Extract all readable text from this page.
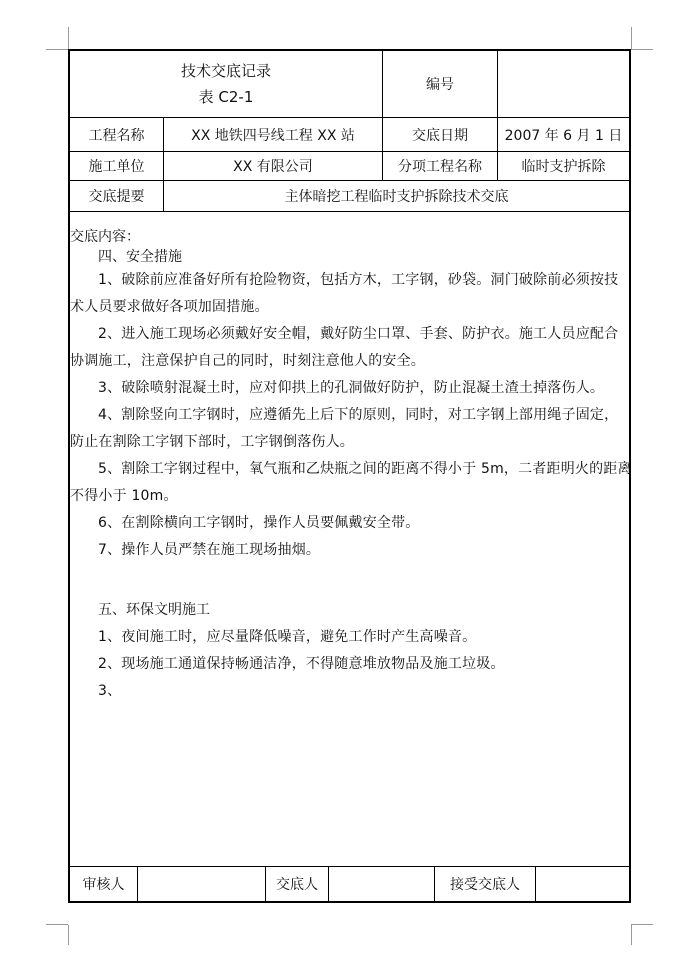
技术交底记录
表 C2-1
编号
工程名称	XX 地铁四号线工程 XX 站	交底日期	2007 年 6 月 1 日
施工单位	XX 有限公司	分项工程名称	临时支护拆除
交底提要	主体暗挖工程临时支护拆除技术交底

交底内容：

四、安全措施

1、破除前应准备好所有抢险物资，包括方木，工字钢，砂袋。洞门破除前必须按技术人员要求做好各项加固措施。

2、进入施工现场必须戴好安全帽，戴好防尘口罩、手套、防护衣。施工人员应配合协调施工，注意保护自己的同时，时刻注意他人的安全。

3、破除喷射混凝土时，应对仰拱上的孔洞做好防护，防止混凝土渣土掉落伤人。

4、割除竖向工字钢时，应遵循先上后下的原则，同时，对工字钢上部用绳子固定，防止在割除工字钢下部时，工字钢倒落伤人。

5、割除工字钢过程中，氧气瓶和乙炔瓶之间的距离不得小于 5m，二者距明火的距离不得小于 10m。

6、在割除横向工字钢时，操作人员要佩戴安全带。

7、操作人员严禁在施工现场抽烟。

五、环保文明施工

1、夜间施工时，应尽量降低噪音，避免工作时产生高噪音。

2、现场施工通道保持畅通洁净，不得随意堆放物品及施工垃圾。

3、

审核人	交底人	接受交底人
